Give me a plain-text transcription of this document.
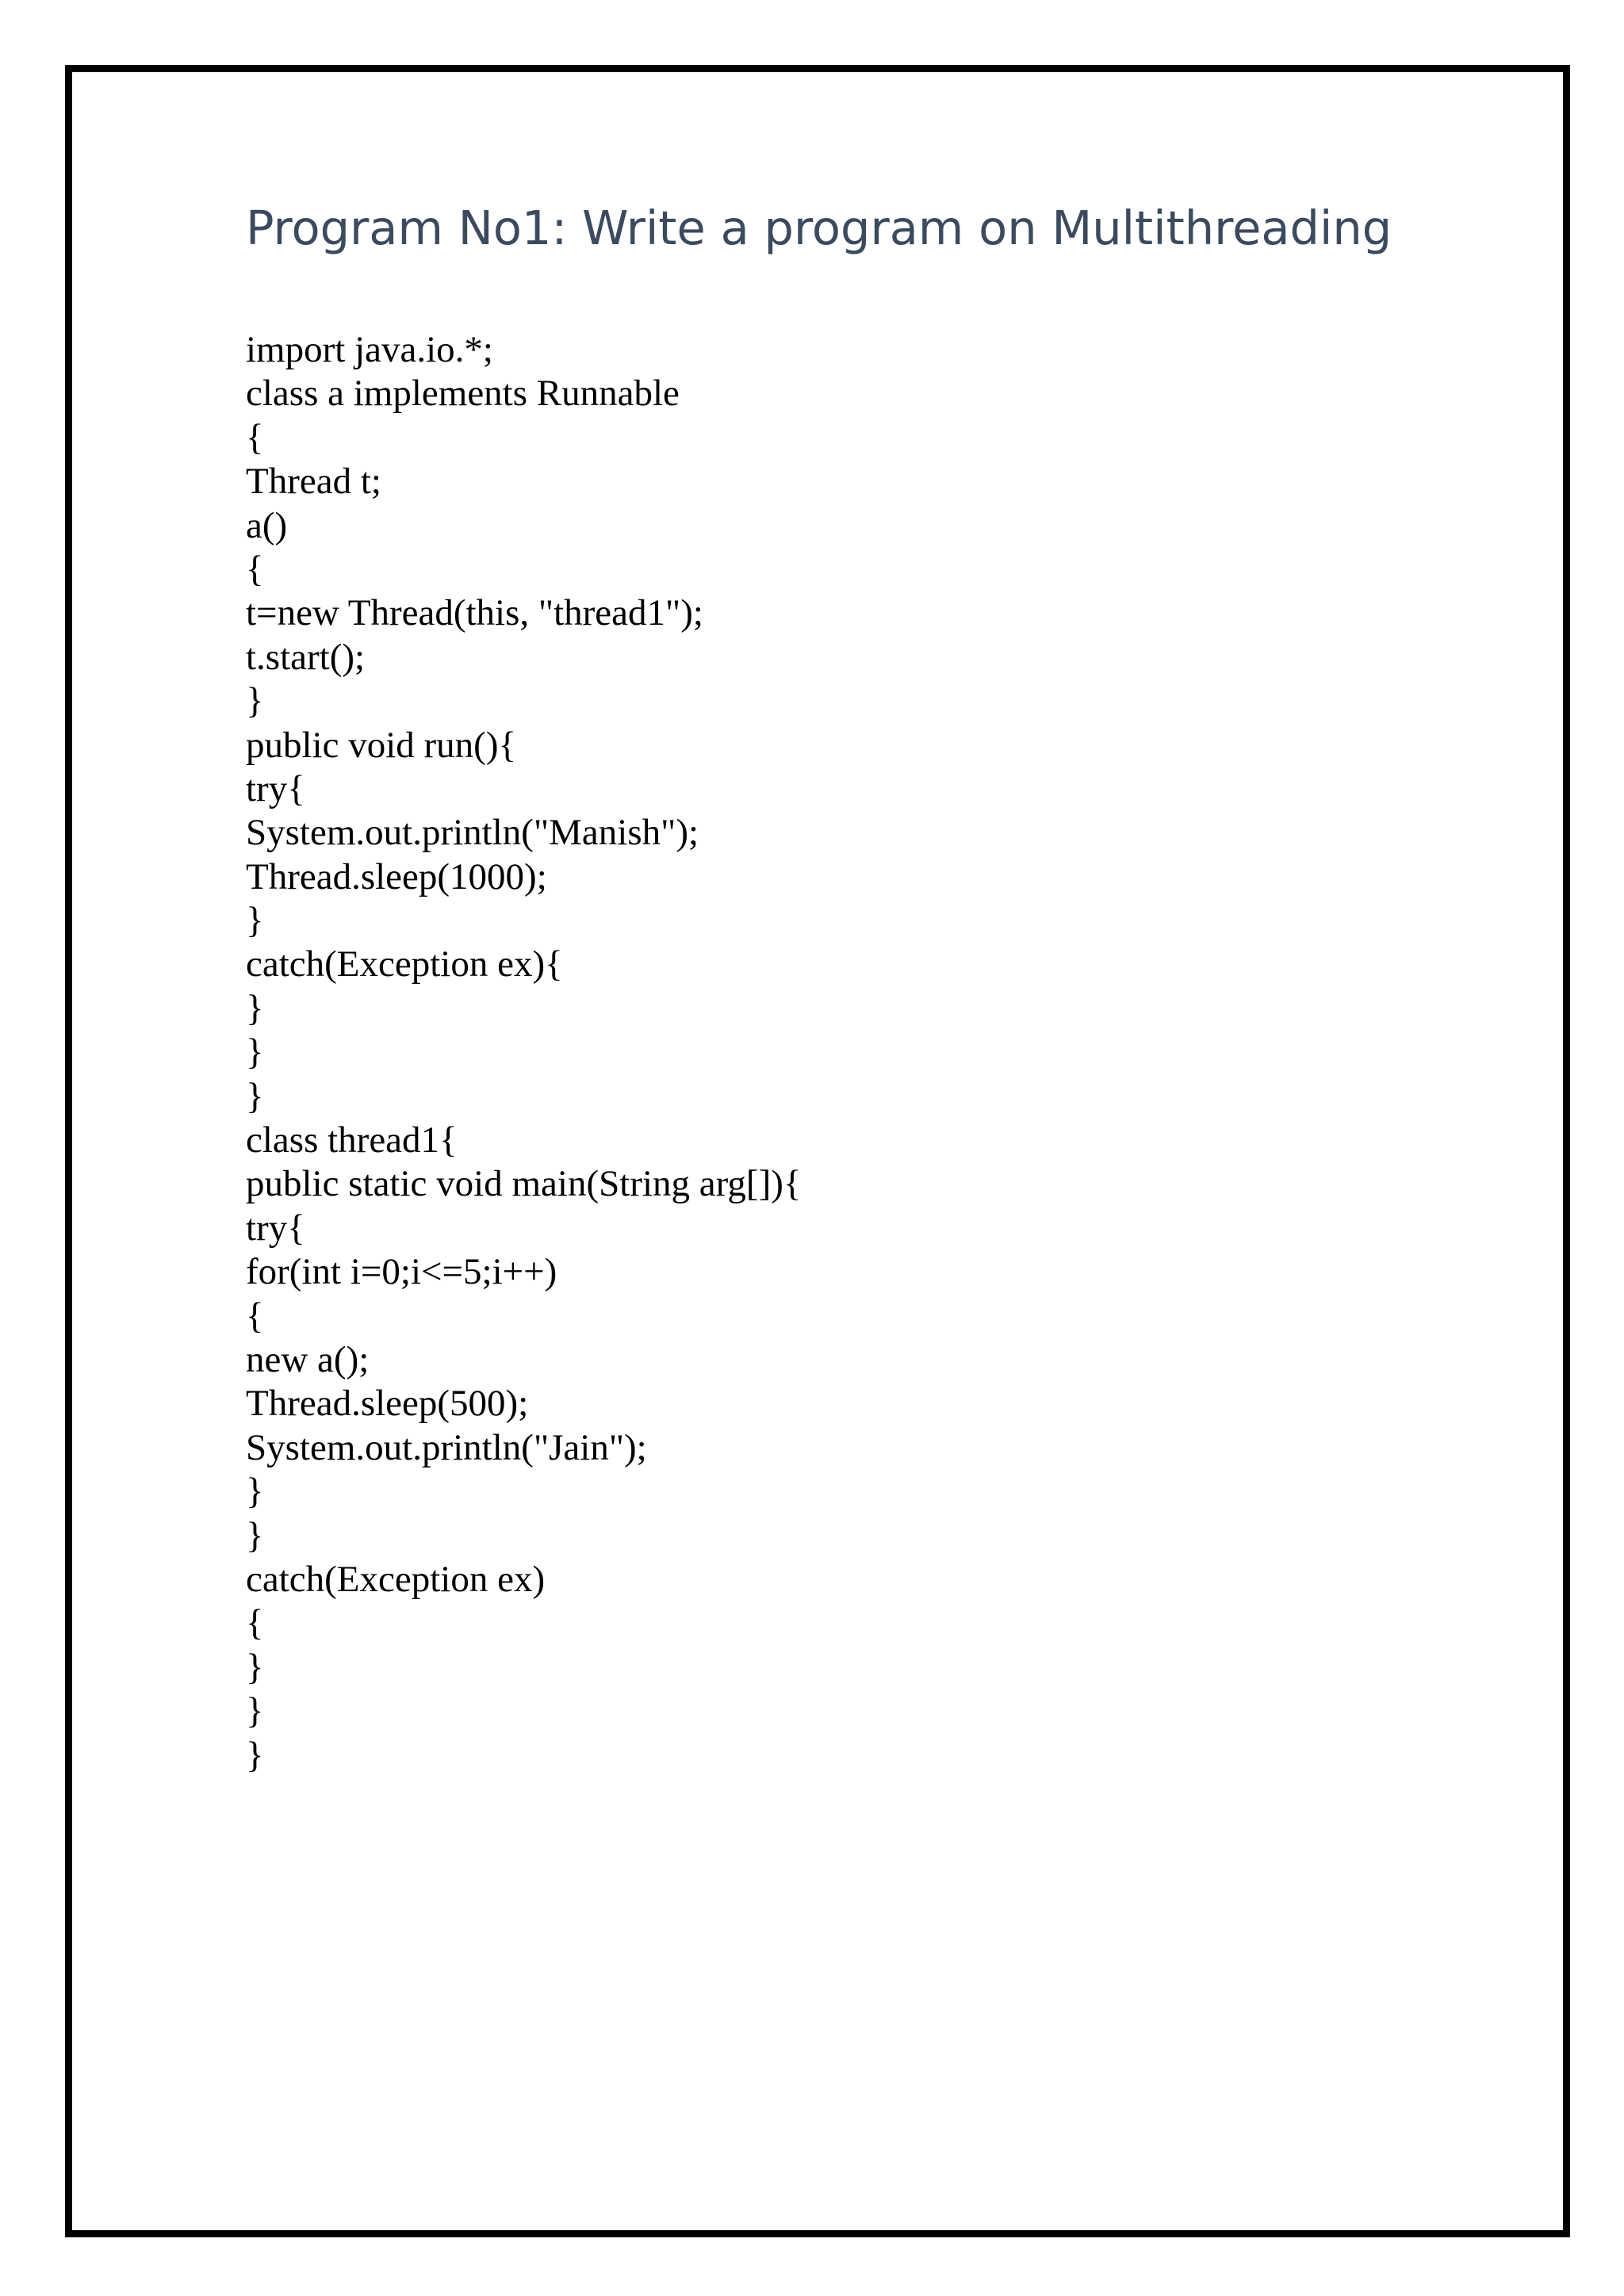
Program No1: Write a program on Multithreading
import java.io.*;
class a implements Runnable
{
Thread t;
a()
{
t=new Thread(this, "thread1");
t.start();
}
public void run(){
try{
System.out.println("Manish");
Thread.sleep(1000);
}
catch(Exception ex){
}
}
}
class thread1{
public static void main(String arg[]){
try{
for(int i=0;i<=5;i++)
{
new a();
Thread.sleep(500);
System.out.println("Jain");
}
}
catch(Exception ex)
{
}
}
}
